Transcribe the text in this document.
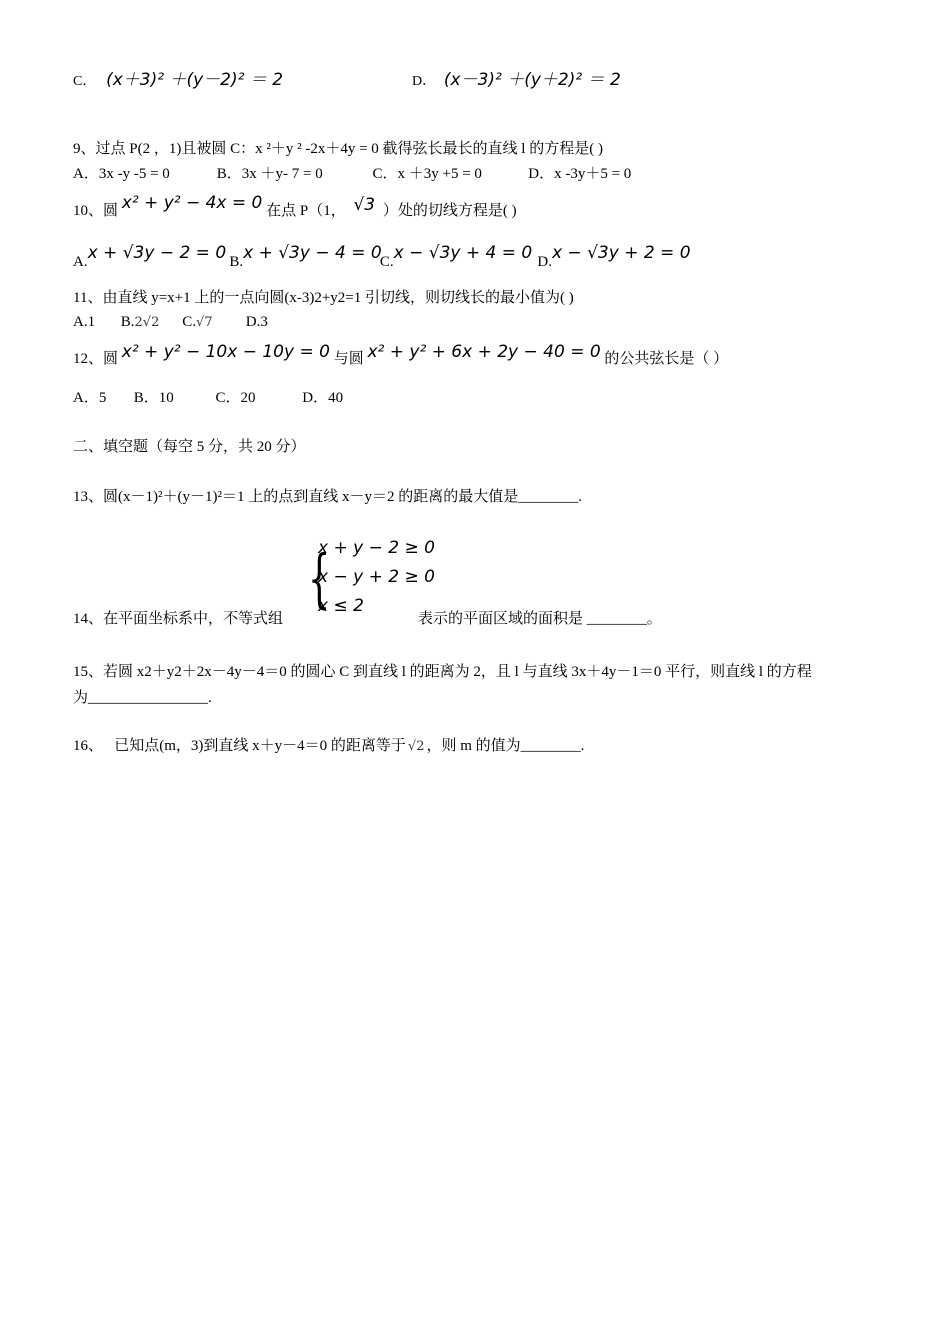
C． (x＋3)² ＋(y－2)² ＝ 2	D． (x－3)² ＋(y＋2)² ＝ 2
9、过点 P(2 ，1)且被圆 C：x ²＋y ² -2x＋4y = 0 截得弦长最长的直线 l 的方程是( )
A．3x -y -5 = 0	B．3x ＋y- 7 = 0	C．x ＋3y +5 = 0	D．x -3y＋5 = 0
10、圆 x² + y² − 4x = 0 在点 P（1， √3 ）处的切线方程是( )
A.x + √3y − 2 = 0 B.x + √3y − 4 = 0 C.x − √3y + 4 = 0 D.x − √3y + 2 = 0
11、由直线 y=x+1 上的一点向圆(x-3)2+y2=1 引切线，则切线长的最小值为( )
A.1 B.2√2 C.√7 D.3
12、圆 x² + y² − 10x − 10y = 0 与圆 x² + y² + 6x + 2y − 40 = 0 的公共弦长是（ ）
A．5 B．10	C．20	D．40
二、填空题（每空 5 分，共 20 分）
13、圆(x－1)²＋(y－1)²＝1 上的点到直线 x－y＝2 的距离的最大值是________.
{
x + y − 2 ≥ 0
x − y + 2 ≥ 0
x ≤ 2
14、在平面坐标系中，不等式组	表示的平面区域的面积是 ________。
15、若圆 x2＋y2＋2x－4y－4＝0 的圆心 C 到直线 l 的距离为 2，且 l 与直线 3x＋4y－1＝0 平行，则直线 l 的方程
为________________.
16、   已知点(m，3)到直线 x＋y－4＝0 的距离等于 √2 ，则 m 的值为________.
